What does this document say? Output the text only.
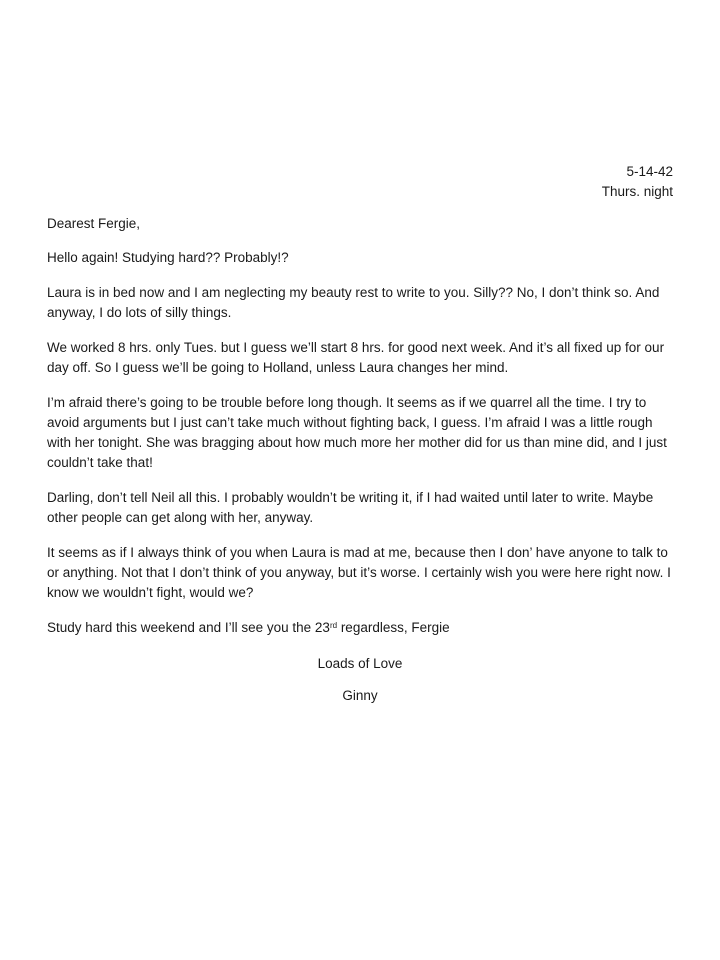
5-14-42
Thurs. night
Dearest Fergie,

Hello again! Studying hard?? Probably!?

Laura is in bed now and I am neglecting my beauty rest to write to you. Silly?? No, I don’t think so. And anyway, I do lots of silly things.

We worked 8 hrs. only Tues. but I guess we’ll start 8 hrs. for good next week. And it’s all fixed up for our day off. So I guess we’ll be going to Holland, unless Laura changes her mind.

I’m afraid there’s going to be trouble before long though. It seems as if we quarrel all the time. I try to avoid arguments but I just can’t take much without fighting back, I guess. I’m afraid I was a little rough with her tonight. She was bragging about how much more her mother did for us than mine did, and I just couldn’t take that!

Darling, don’t tell Neil all this. I probably wouldn’t be writing it, if I had waited until later to write. Maybe other people can get along with her, anyway.

It seems as if I always think of you when Laura is mad at me, because then I don’ have anyone to talk to or anything. Not that I don’t think of you anyway, but it’s worse. I certainly wish you were here right now. I know we wouldn’t fight, would we?

Study hard this weekend and I’ll see you the 23rd regardless, Fergie

Loads of Love
Ginny
